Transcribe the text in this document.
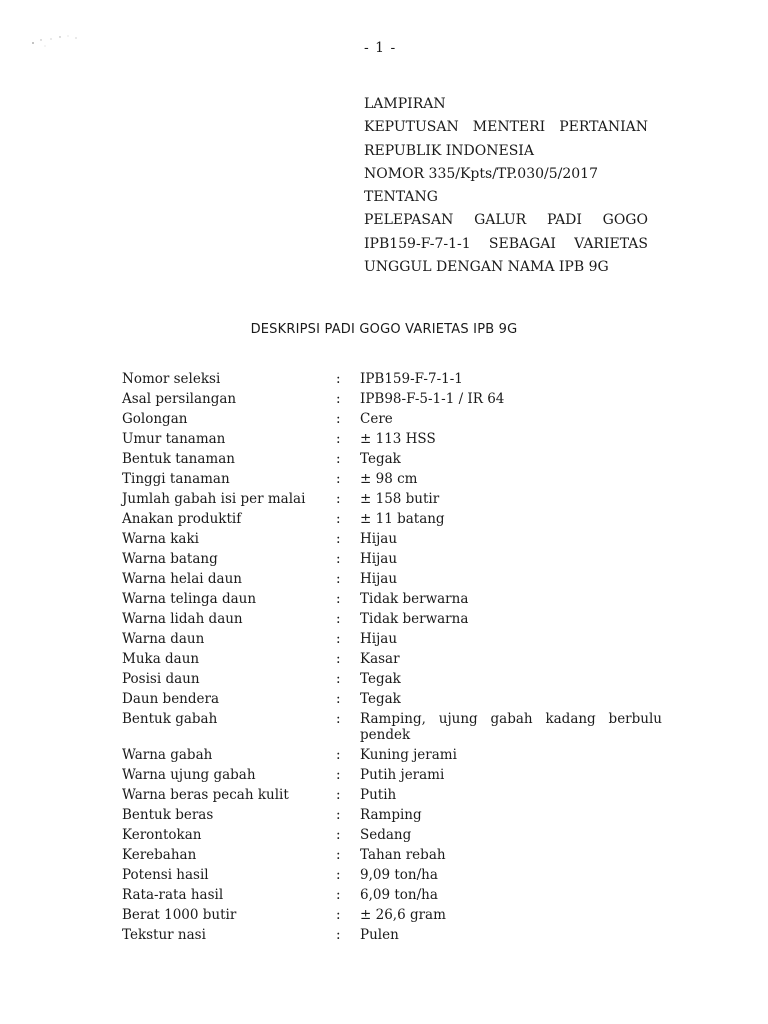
- 1 -
LAMPIRAN
KEPUTUSAN MENTERI PERTANIAN
REPUBLIK INDONESIA
NOMOR 335/Kpts/TP.030/5/2017
TENTANG
PELEPASAN GALUR PADI GOGO
IPB159-F-7-1-1 SEBAGAI VARIETAS
UNGGUL DENGAN NAMA IPB 9G
DESKRIPSI PADI GOGO VARIETAS IPB 9G
Nomor seleksi	:	IPB159-F-7-1-1
Asal persilangan	:	IPB98-F-5-1-1 / IR 64
Golongan	:	Cere
Umur tanaman	:	± 113 HSS
Bentuk tanaman	:	Tegak
Tinggi tanaman	:	± 98 cm
Jumlah gabah isi per malai	:	± 158 butir
Anakan produktif	:	± 11 batang
Warna kaki	:	Hijau
Warna batang	:	Hijau
Warna helai daun	:	Hijau
Warna telinga daun	:	Tidak berwarna
Warna lidah daun	:	Tidak berwarna
Warna daun	:	Hijau
Muka daun	:	Kasar
Posisi daun	:	Tegak
Daun bendera	:	Tegak
Bentuk gabah	:	Ramping, ujung gabah kadang berbulu pendek
Warna gabah	:	Kuning jerami
Warna ujung gabah	:	Putih jerami
Warna beras pecah kulit	:	Putih
Bentuk beras	:	Ramping
Kerontokan	:	Sedang
Kerebahan	:	Tahan rebah
Potensi hasil	:	9,09 ton/ha
Rata-rata hasil	:	6,09 ton/ha
Berat 1000 butir	:	± 26,6 gram
Tekstur nasi	:	Pulen
